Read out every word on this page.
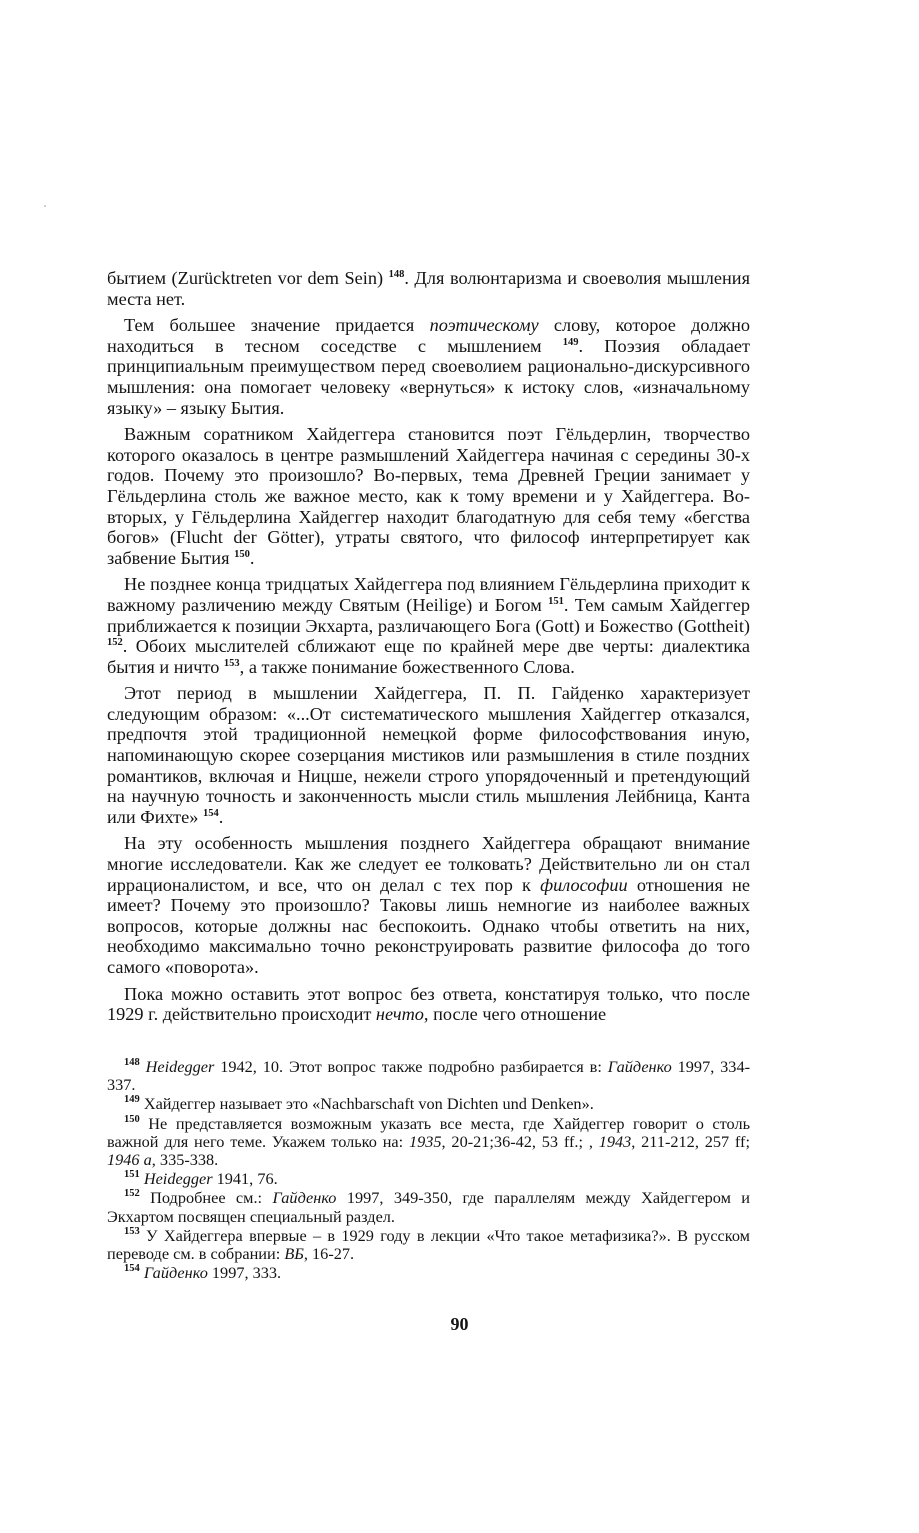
бытием (Zurücktreten vor dem Sein) $^{148}$. Для волюнтаризма и своеволия мышления места нет.

Тем большее значение придается поэтическому слову, которое должно находиться в тесном соседстве с мышлением $^{149}$. Поэзия обладает принципиальным преимуществом перед своеволием рационально-дискурсивного мышления: она помогает человеку «вернуться» к истоку слов, «изначальному языку» – языку Бытия.

Важным соратником Хайдеггера становится поэт Гёльдерлин, творчество которого оказалось в центре размышлений Хайдеггера начиная с середины 30-х годов. Почему это произошло? Во-первых, тема Древней Греции занимает у Гёльдерлина столь же важное место, как к тому времени и у Хайдеггера. Во-вторых, у Гёльдерлина Хайдеггер находит благодатную для себя тему «бегства богов» (Flucht der Götter), утраты святого, что философ интерпретирует как забвение Бытия $^{150}$.

Не позднее конца тридцатых Хайдеггера под влиянием Гёльдерлина приходит к важному различению между Святым (Heilige) и Богом $^{151}$. Тем самым Хайдеггер приближается к позиции Экхарта, различающего Бога (Gott) и Божество (Gottheit) $^{152}$. Обоих мыслителей сближают еще по крайней мере две черты: диалектика бытия и ничто $^{153}$, а также понимание божественного Слова.

Этот период в мышлении Хайдеггера, П. П. Гайденко характеризует следующим образом: «...От систематического мышления Хайдеггер отказался, предпочтя этой традиционной немецкой форме философствования иную, напоминающую скорее созерцания мистиков или размышления в стиле поздних романтиков, включая и Ницше, нежели строго упорядоченный и претендующий на научную точность и законченность мысли стиль мышления Лейбница, Канта или Фихте» $^{154}$.

На эту особенность мышления позднего Хайдеггера обращают внимание многие исследователи. Как же следует ее толковать? Действительно ли он стал иррационалистом, и все, что он делал с тех пор к философии отношения не имеет? Почему это произошло? Таковы лишь немногие из наиболее важных вопросов, которые должны нас беспокоить. Однако чтобы ответить на них, необходимо максимально точно реконструировать развитие философа до того самого «поворота».

Пока можно оставить этот вопрос без ответа, констатируя только, что после 1929 г. действительно происходит нечто, после чего отношение

$^{148}$ Heidegger 1942, 10. Этот вопрос также подробно разбирается в: Гайденко 1997, 334-337.

$^{149}$ Хайдеггер называет это «Nachbarschaft von Dichten und Denken».

$^{150}$ Не представляется возможным указать все места, где Хайдеггер говорит о столь важной для него теме. Укажем только на: 1935, 20-21;36-42, 53 ff.; , 1943, 211-212, 257 ff; 1946 a, 335-338.

$^{151}$ Heidegger 1941, 76.

$^{152}$ Подробнее см.: Гайденко 1997, 349-350, где параллелям между Хайдеггером и Экхартом посвящен специальный раздел.

$^{153}$ У Хайдеггера впервые – в 1929 году в лекции «Что такое метафизика?». В русском переводе см. в собрании: ВБ, 16-27.

$^{154}$ Гайденко 1997, 333.

90
